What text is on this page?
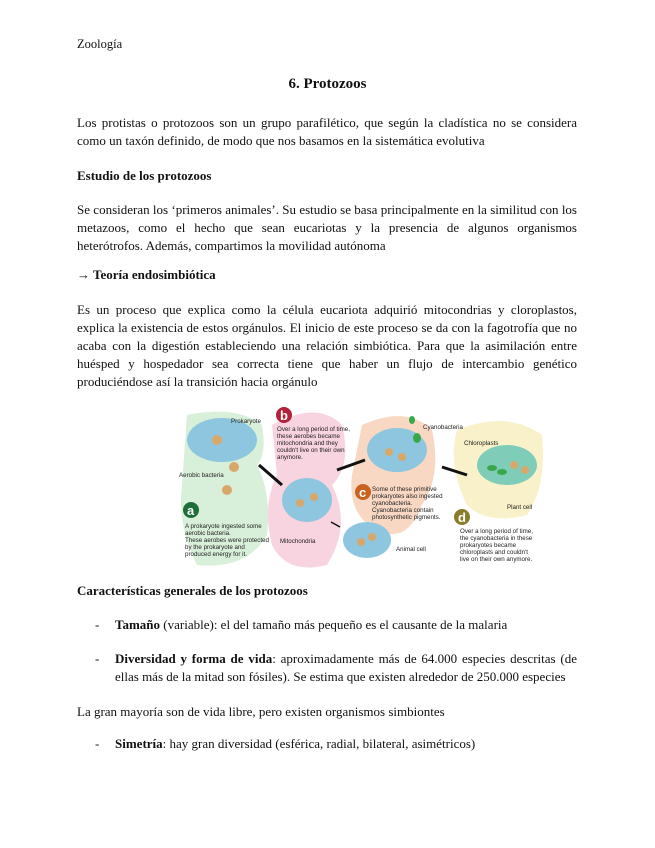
Zoología
6. Protozoos
Los protistas o protozoos son un grupo parafilético, que según la cladística no se considera como un taxón definido, de modo que nos basamos en la sistemática evolutiva
Estudio de los protozoos
Se consideran los ‘primeros animales’. Su estudio se basa principalmente en la similitud con los metazoos, como el hecho que sean eucariotas y la presencia de algunos organismos heterótrofos. Además, compartimos la movilidad autónoma
→ Teoría endosimbiótica
Es un proceso que explica como la célula eucariota adquirió mitocondrias y cloroplastos, explica la existencia de estos orgánulos. El inicio de este proceso se da con la fagotrofía que no acaba con la digestión estableciendo una relación simbiótica. Para que la asimilación entre huésped y hospedador sea correcta tiene que haber un flujo de intercambio genético produciéndose así la transición hacia orgánulo
Prokaryote
Aerobic bacteria
Mitochondria
Animal cell
Cyanobacteria
Chloroplasts
Plant cell
a
b
c
d
A prokaryote ingested some
aerobic bacteria.
These aerobes were protected
by the prokaryote and
produced energy for it.
Over a long period of time,
these aerobes became
mitochondria and they
couldn't live on their own
anymore.
Some of these primitive
prokaryotes also ingested
cyanobacteria.
Cyanobacteria contain
photosynthetic pigments.
Over a long period of time,
the cyanobacteria in these
prokaryotes became
chloroplasts and couldn't
live on their own anymore.
Características generales de los protozoos
- Tamaño (variable): el del tamaño más pequeño es el causante de la malaria
- Diversidad y forma de vida: aproximadamente más de 64.000 especies descritas (de ellas más de la mitad son fósiles). Se estima que existen alrededor de 250.000 especies
La gran mayoría son de vida libre, pero existen organismos simbiontes
- Simetría: hay gran diversidad (esférica, radial, bilateral, asimétricos)
